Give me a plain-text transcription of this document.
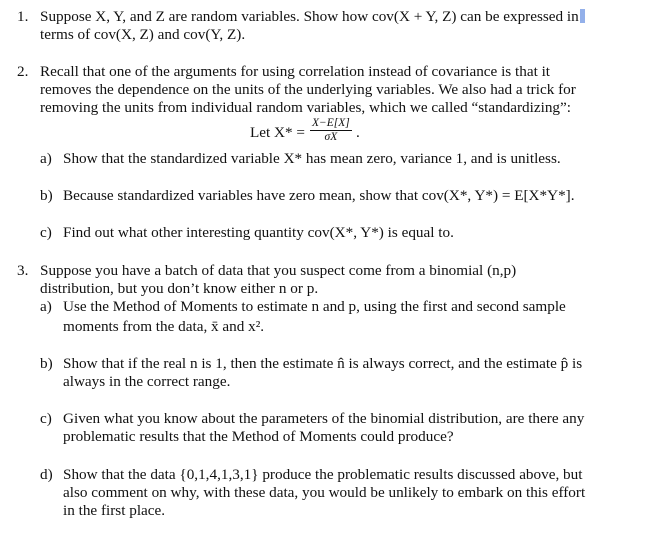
1. Suppose X, Y, and Z are random variables. Show how cov(X + Y, Z) can be expressed in
terms of cov(X, Z) and cov(Y, Z).
2. Recall that one of the arguments for using correlation instead of covariance is that it
removes the dependence on the units of the underlying variables. We also had a trick for
removing the units from individual random variables, which we called “standardizing”:
Let $X* = \frac{X-E[X]}{\sigma X}$ .
a) Show that the standardized variable X* has mean zero, variance 1, and is unitless.
b) Because standardized variables have zero mean, show that cov(X*, Y*) = E[X*Y*].
c) Find out what other interesting quantity cov(X*, Y*) is equal to.
3. Suppose you have a batch of data that you suspect come from a binomial (n,p)
distribution, but you don’t know either n or p.
a) Use the Method of Moments to estimate n and p, using the first and second sample
moments from the data, x̄ and x².
b) Show that if the real n is 1, then the estimate n̂ is always correct, and the estimate p̂ is
always in the correct range.
c) Given what you know about the parameters of the binomial distribution, are there any
problematic results that the Method of Moments could produce?
d) Show that the data {0,1,4,1,3,1} produce the problematic results discussed above, but
also comment on why, with these data, you would be unlikely to embark on this effort
in the first place.
